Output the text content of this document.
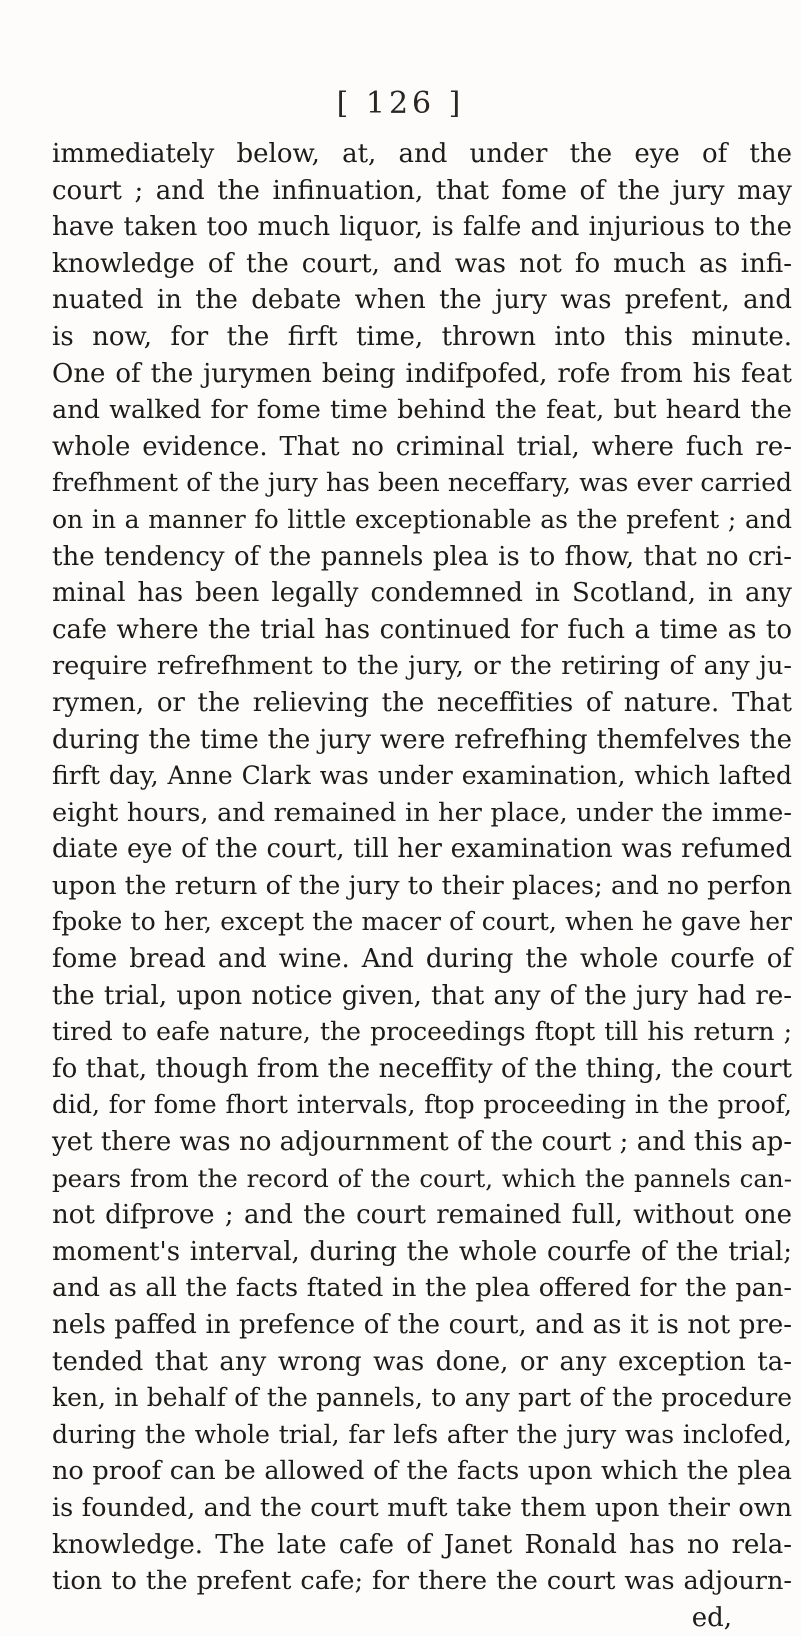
[ 126 ]
immediately below, at, and under the eye of the
court ; and the infinuation, that fome of the jury may
have taken too much liquor, is falfe and injurious to the
knowledge of the court, and was not fo much as infi-
nuated in the debate when the jury was prefent, and
is now, for the firft time, thrown into this minute.
One of the jurymen being indifpofed, rofe from his feat
and walked for fome time behind the feat, but heard the
whole evidence. That no criminal trial, where fuch re-
frefhment of the jury has been neceffary, was ever carried
on in a manner fo little exceptionable as the prefent ; and
the tendency of the pannels plea is to fhow, that no cri-
minal has been legally condemned in Scotland, in any
cafe where the trial has continued for fuch a time as to
require refrefhment to the jury, or the retiring of any ju-
rymen, or the relieving the neceffities of nature. That
during the time the jury were refrefhing themfelves the
firft day, Anne Clark was under examination, which lafted
eight hours, and remained in her place, under the imme-
diate eye of the court, till her examination was refumed
upon the return of the jury to their places; and no perfon
fpoke to her, except the macer of court, when he gave her
fome bread and wine. And during the whole courfe of
the trial, upon notice given, that any of the jury had re-
tired to eafe nature, the proceedings ftopt till his return ;
fo that, though from the neceffity of the thing, the court
did, for fome fhort intervals, ftop proceeding in the proof,
yet there was no adjournment of the court ; and this ap-
pears from the record of the court, which the pannels can-
not difprove ; and the court remained full, without one
moment's interval, during the whole courfe of the trial;
and as all the facts ftated in the plea offered for the pan-
nels paffed in prefence of the court, and as it is not pre-
tended that any wrong was done, or any exception ta-
ken, in behalf of the pannels, to any part of the procedure
during the whole trial, far lefs after the jury was inclofed,
no proof can be allowed of the facts upon which the plea
is founded, and the court muft take them upon their own
knowledge. The late cafe of Janet Ronald has no rela-
tion to the prefent cafe; for there the court was adjourn-
ed,
